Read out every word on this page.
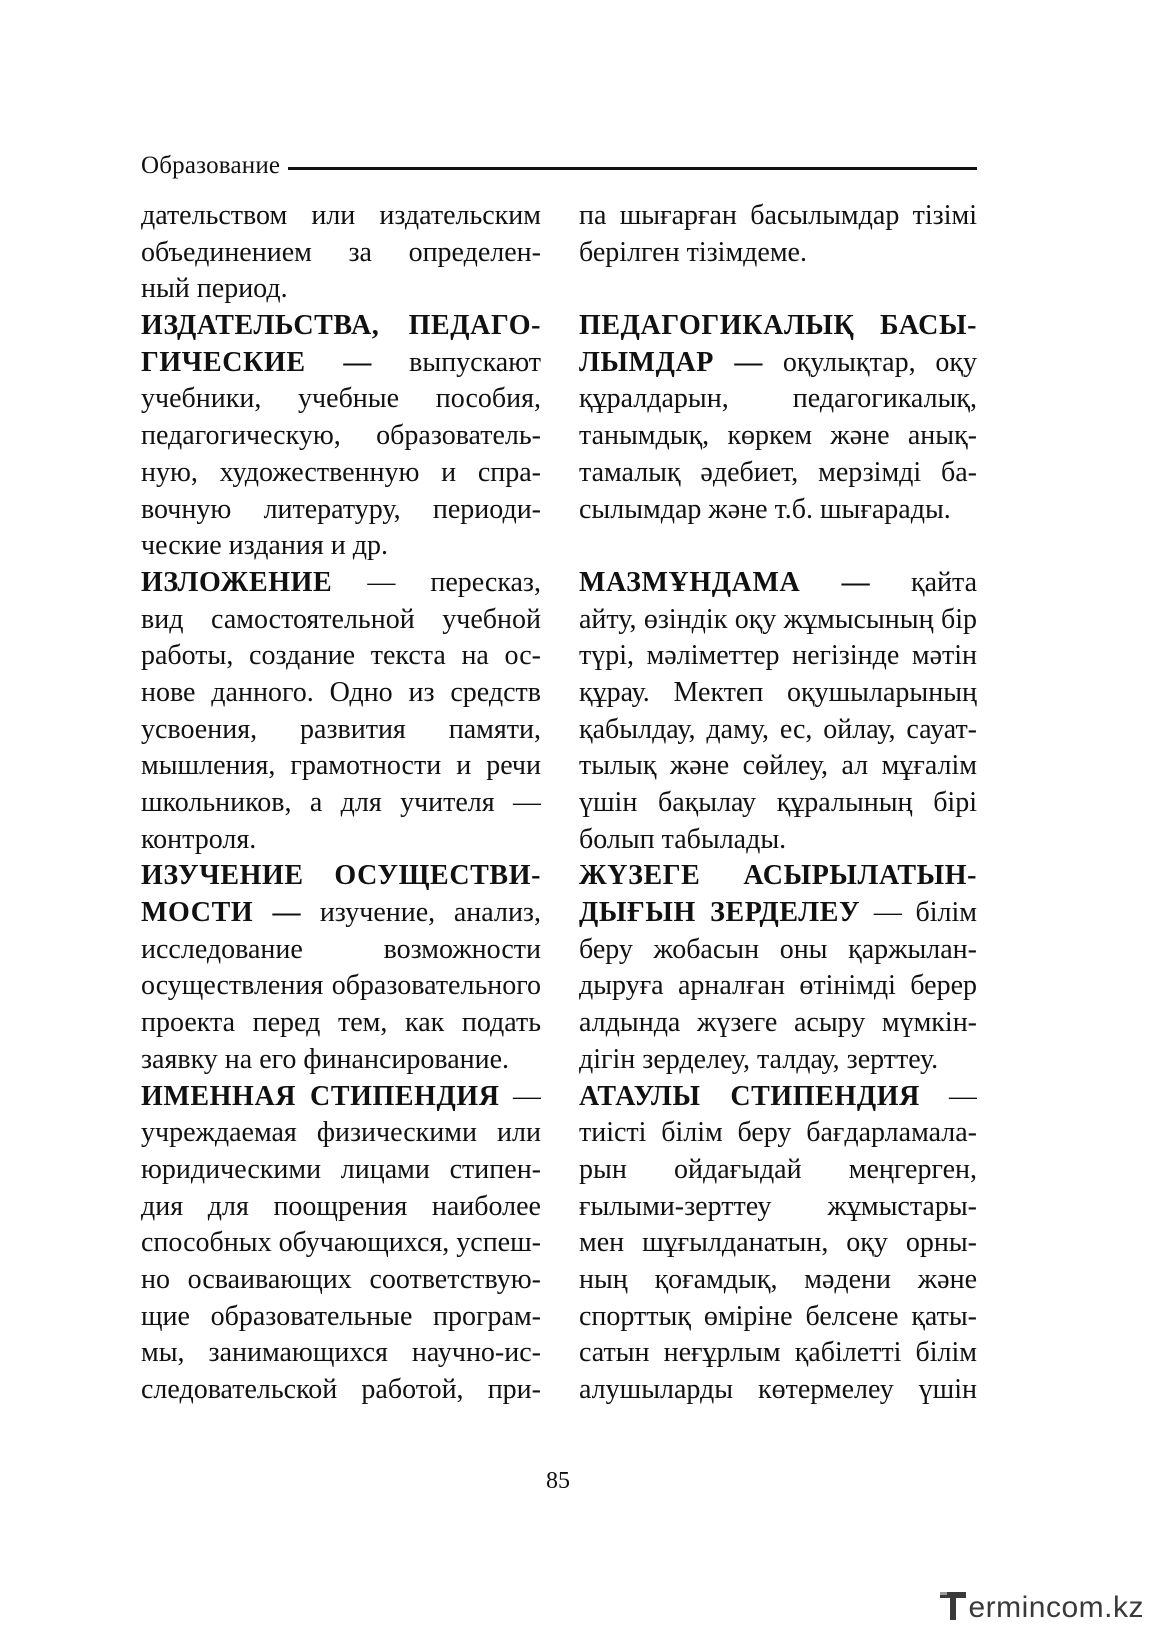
Образование
дательством или издательским
объединением за определен-
ный период.
ИЗДАТЕЛЬСТВА, ПЕДАГО-
ГИЧЕСКИЕ — выпускают
учебники, учебные пособия,
педагогическую, образователь-
ную, художественную и спра-
вочную литературу, периоди-
ческие издания и др.
ИЗЛОЖЕНИЕ — пересказ,
вид самостоятельной учебной
работы, создание текста на ос-
нове данного. Одно из средств
усвоения, развития памяти,
мышления, грамотности и речи
школьников, а для учителя —
контроля.
ИЗУЧЕНИЕ ОСУЩЕСТВИ-
МОСТИ — изучение, анализ,
исследование возможности
осуществления образовательного
проекта перед тем, как подать
заявку на его финансирование.
ИМЕННАЯ СТИПЕНДИЯ —
учреждаемая физическими или
юридическими лицами стипен-
дия для поощрения наиболее
способных обучающихся, успеш-
но осваивающих соответствую-
щие образовательные програм-
мы, занимающихся научно-ис-
следовательской работой, при-
па шығарған басылымдар тізімі
берілген тізімдеме.
ПЕДАГОГИКАЛЫҚ БАСЫ-
ЛЫМДАР — оқулықтар, оқу
құралдарын, педагогикалық,
танымдық, көркем және анық-
тамалық әдебиет, мерзімді ба-
сылымдар және т.б. шығарады.
МАЗМҰНДАМА — қайта
айту, өзіндік оқу жұмысының бір
түрі, мәліметтер негізінде мәтін
құрау. Мектеп оқушыларының
қабылдау, даму, ес, ойлау, сауат-
тылық және сөйлеу, ал мұғалім
үшін бақылау құралының бірі
болып табылады.
ЖҮЗЕГЕ АСЫРЫЛАТЫН-
ДЫҒЫН ЗЕРДЕЛЕУ — білім
беру жобасын оны қаржылан-
дыруға арналған өтінімді берер
алдында жүзеге асыру мүмкін-
дігін зерделеу, талдау, зерттеу.
АТАУЛЫ СТИПЕНДИЯ —
тиісті білім беру бағдарламала-
рын ойдағыдай меңгерген,
ғылыми-зерттеу жұмыстары-
мен шұғылданатын, оқу орны-
ның қоғамдық, мәдени және
спорттық өміріне белсене қаты-
сатын неғұрлым қабілетті білім
алушыларды көтермелеу үшін
85
ermincom.kz
